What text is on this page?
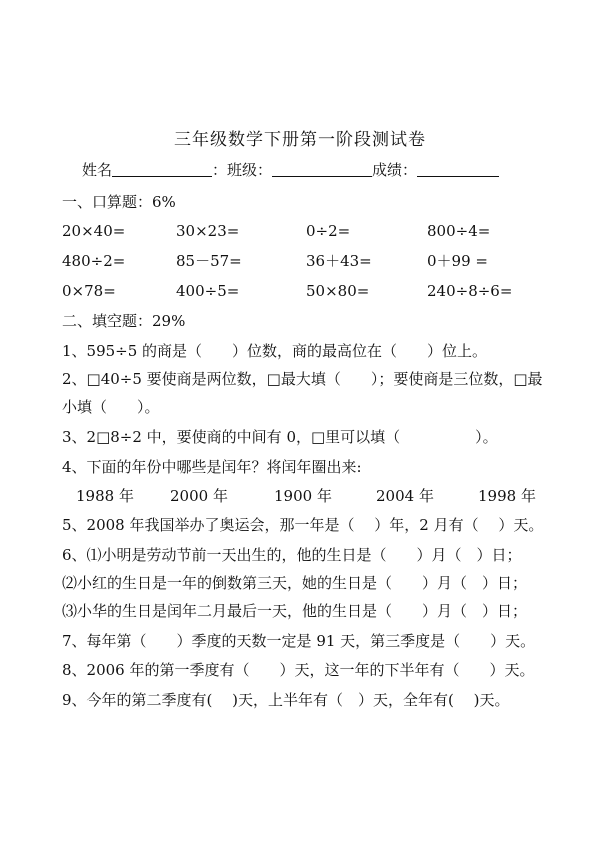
三年级数学下册第一阶段测试卷
姓名	：班级：	成绩：
一、口算题：6%
20×40=	30×23=	0÷2=	800÷4=
480÷2=	85－57=	36＋43=	0＋99 =
0×78=	400÷5=	50×80=	240÷8÷6=
二、填空题：29%
1、595÷5 的商是（　　）位数，商的最高位在（　　）位上。
2、□40÷5 要使商是两位数，□最大填（　　）；要使商是三位数，□最
小填（　　）。
3、2□8÷2 中，要使商的中间有 0，□里可以填（　　　　　）。
4、下面的年份中哪些是闰年？将闰年圈出来:
1988 年 2000 年	1900 年	2004 年	1998 年
5、2008 年我国举办了奥运会，那一年是（　 ）年，2 月有（　 ）天。
6、⑴小明是劳动节前一天出生的，他的生日是（　　）月（　）日；
⑵小红的生日是一年的倒数第三天，她的生日是（　　）月（　）日；
⑶小华的生日是闰年二月最后一天，他的生日是（　　）月（　）日；
7、每年第（　　）季度的天数一定是 91 天，第三季度是（　　）天。
8、2006 年的第一季度有（　　）天，这一年的下半年有（　　）天。
9、今年的第二季度有(　 )天，上半年有（　）天，全年有(　 )天。
